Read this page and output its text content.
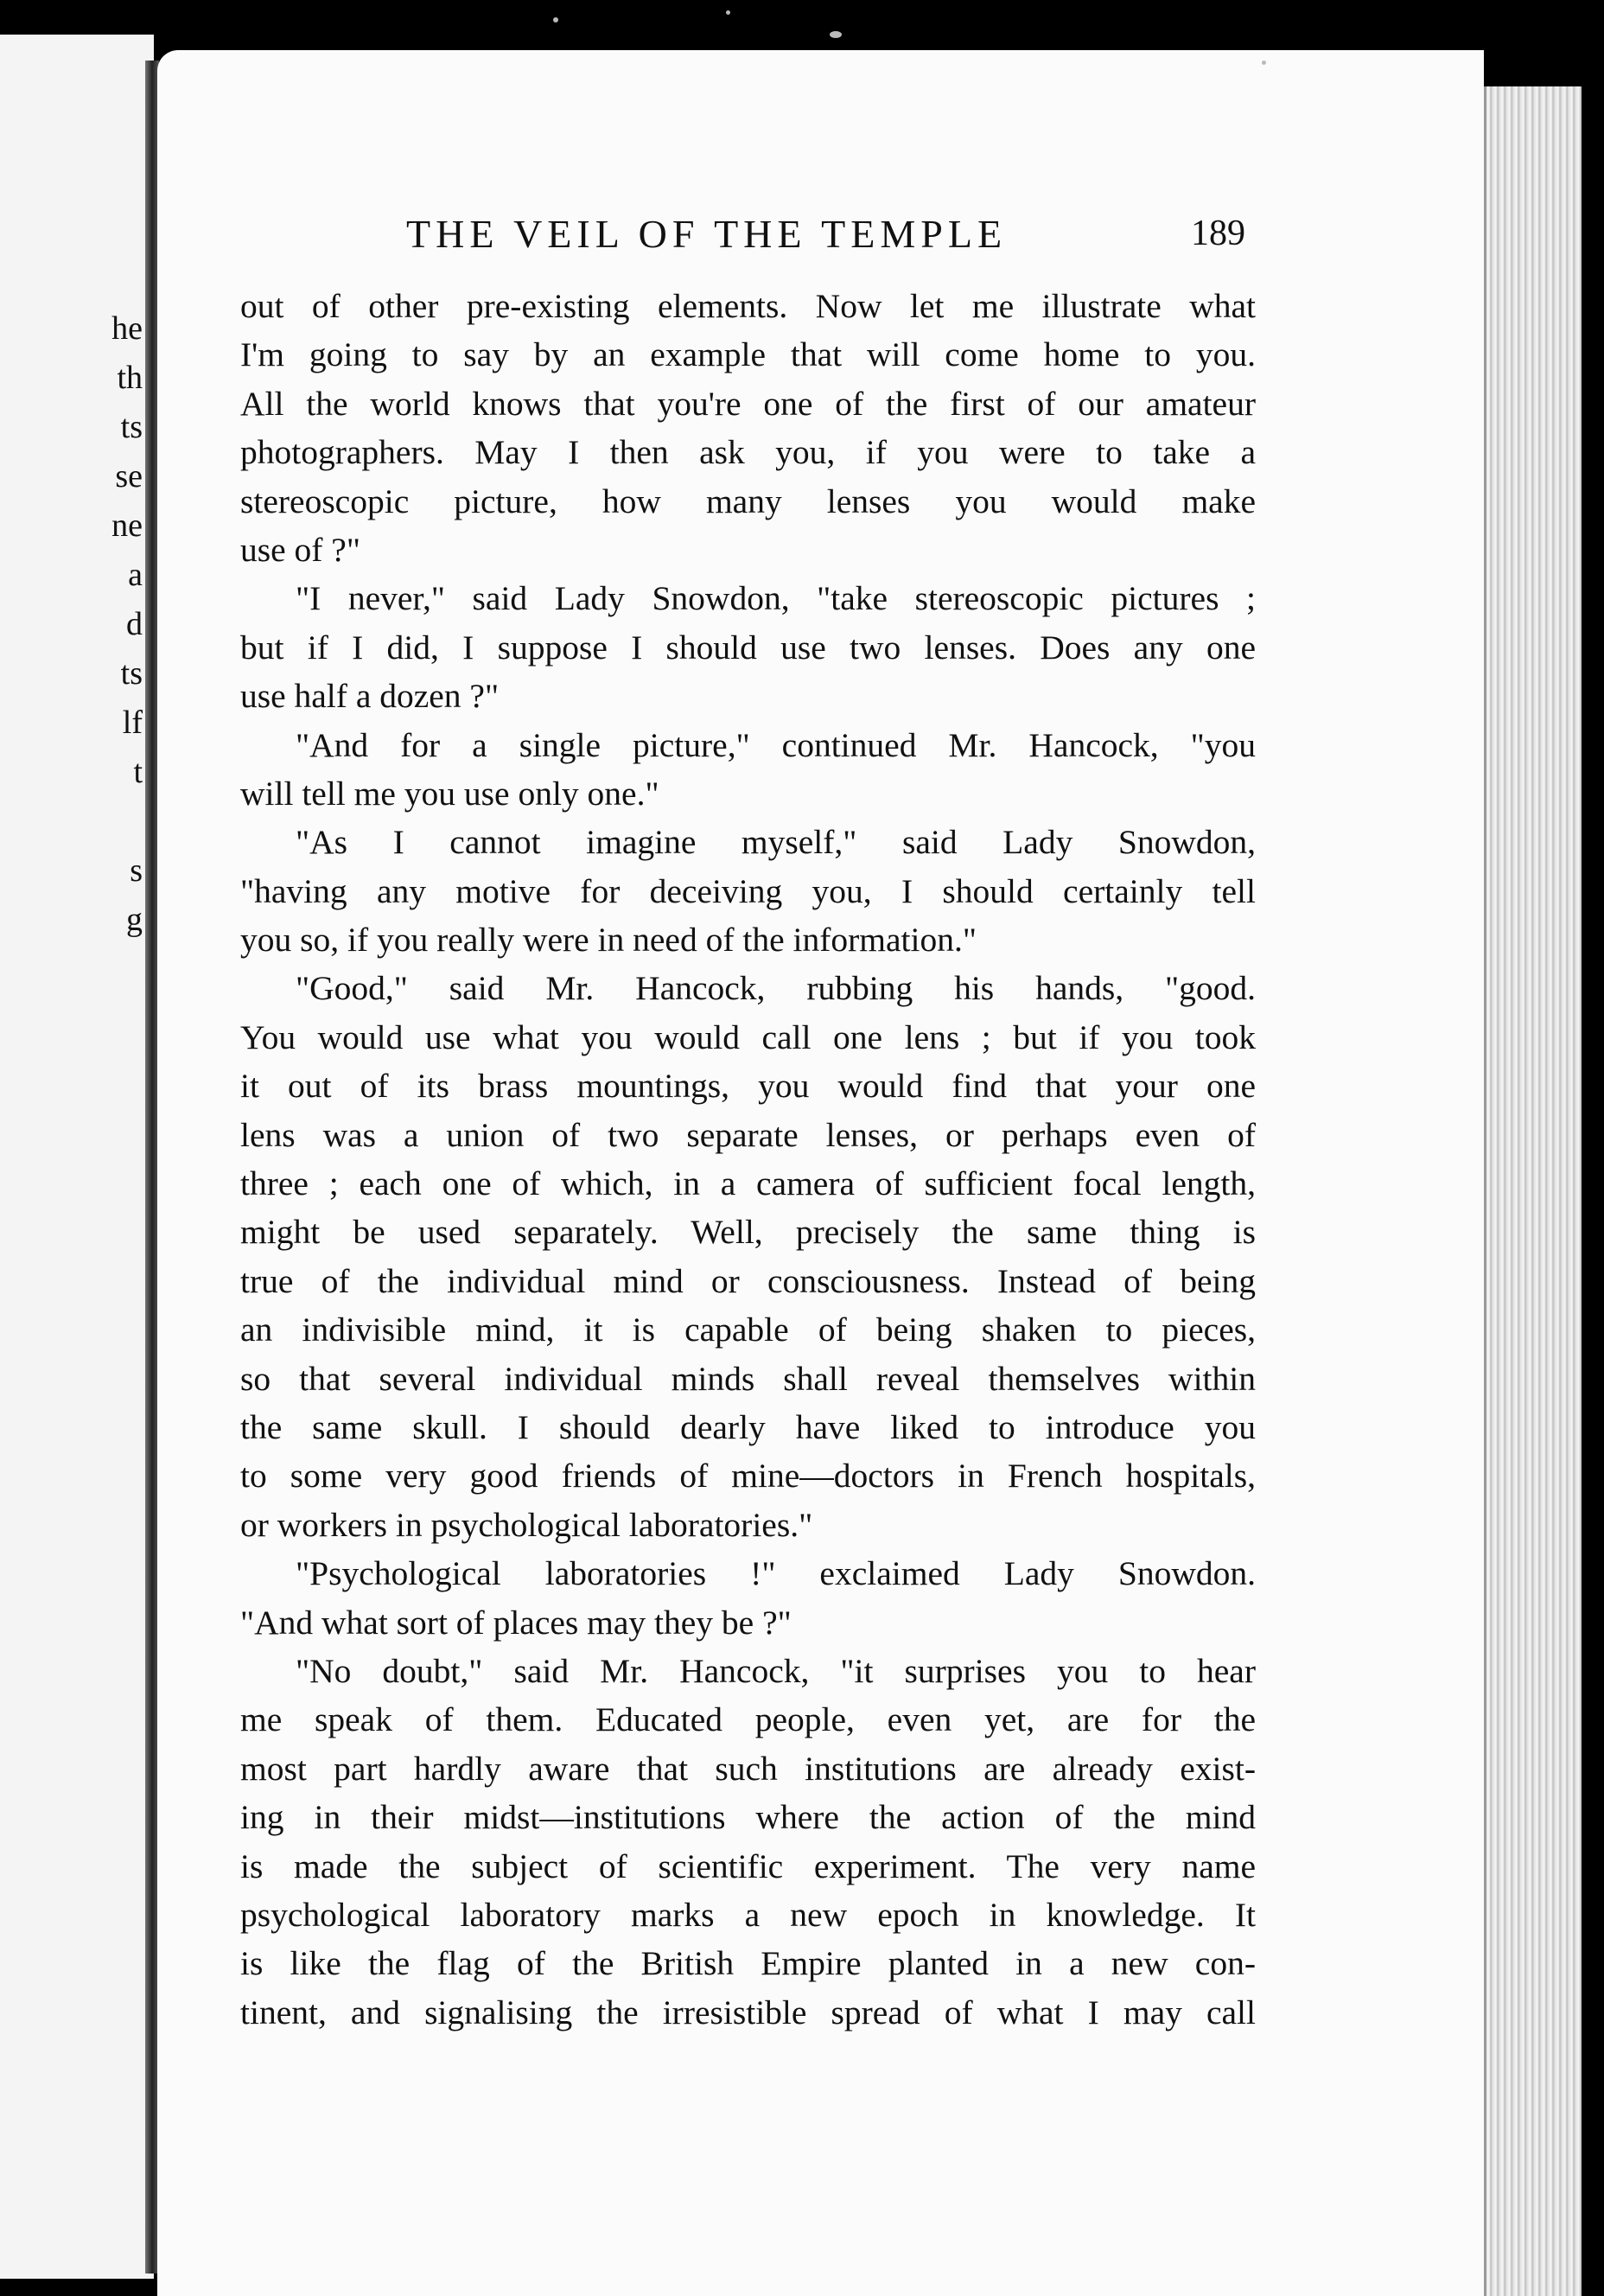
he
th
ts
se
ne
a
d
ts
lf
t
s
g
THE VEIL OF THE TEMPLE	189
out of other pre-existing elements. Now let me illustrate what
I'm going to say by an example that will come home to you.
All the world knows that you're one of the first of our amateur
photographers. May I then ask you, if you were to take a
stereoscopic picture, how many lenses you would make
use of ?"
"I never," said Lady Snowdon, "take stereoscopic pictures ;
but if I did, I suppose I should use two lenses. Does any one
use half a dozen ?"
"And for a single picture," continued Mr. Hancock, "you
will tell me you use only one."
"As I cannot imagine myself," said Lady Snowdon,
"having any motive for deceiving you, I should certainly tell
you so, if you really were in need of the information."
"Good," said Mr. Hancock, rubbing his hands, "good.
You would use what you would call one lens ; but if you took
it out of its brass mountings, you would find that your one
lens was a union of two separate lenses, or perhaps even of
three ; each one of which, in a camera of sufficient focal length,
might be used separately. Well, precisely the same thing is
true of the individual mind or consciousness. Instead of being
an indivisible mind, it is capable of being shaken to pieces,
so that several individual minds shall reveal themselves within
the same skull. I should dearly have liked to introduce you
to some very good friends of mine—doctors in French hospitals,
or workers in psychological laboratories."
"Psychological laboratories !" exclaimed Lady Snowdon.
"And what sort of places may they be ?"
"No doubt," said Mr. Hancock, "it surprises you to hear
me speak of them. Educated people, even yet, are for the
most part hardly aware that such institutions are already exist-
ing in their midst—institutions where the action of the mind
is made the subject of scientific experiment. The very name
psychological laboratory marks a new epoch in knowledge. It
is like the flag of the British Empire planted in a new con-
tinent, and signalising the irresistible spread of what I may call
